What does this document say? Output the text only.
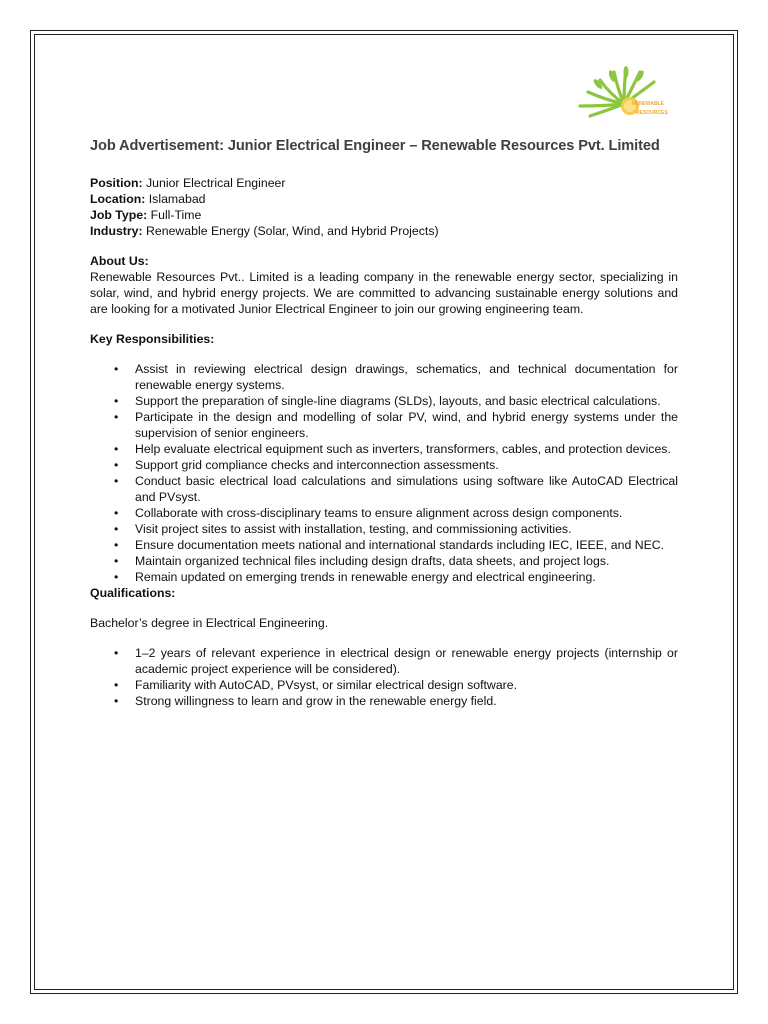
RENEWABLE
RESOURCES
Job Advertisement: Junior Electrical Engineer – Renewable Resources Pvt. Limited
Position: Junior Electrical Engineer
Location: Islamabad
Job Type: Full-Time
Industry: Renewable Energy (Solar, Wind, and Hybrid Projects)
About Us:
Renewable Resources Pvt.. Limited is a leading company in the renewable energy sector, specializing in solar, wind, and hybrid energy projects. We are committed to advancing sustainable energy solutions and are looking for a motivated Junior Electrical Engineer to join our growing engineering team.
Key Responsibilities:
• Assist in reviewing electrical design drawings, schematics, and technical documentation for renewable energy systems.
• Support the preparation of single-line diagrams (SLDs), layouts, and basic electrical calculations.
• Participate in the design and modelling of solar PV, wind, and hybrid energy systems under the supervision of senior engineers.
• Help evaluate electrical equipment such as inverters, transformers, cables, and protection devices.
• Support grid compliance checks and interconnection assessments.
• Conduct basic electrical load calculations and simulations using software like AutoCAD Electrical and PVsyst.
• Collaborate with cross-disciplinary teams to ensure alignment across design components.
• Visit project sites to assist with installation, testing, and commissioning activities.
• Ensure documentation meets national and international standards including IEC, IEEE, and NEC.
• Maintain organized technical files including design drafts, data sheets, and project logs.
• Remain updated on emerging trends in renewable energy and electrical engineering.
Qualifications:
Bachelor’s degree in Electrical Engineering.
• 1–2 years of relevant experience in electrical design or renewable energy projects (internship or academic project experience will be considered).
• Familiarity with AutoCAD, PVsyst, or similar electrical design software.
• Strong willingness to learn and grow in the renewable energy field.
